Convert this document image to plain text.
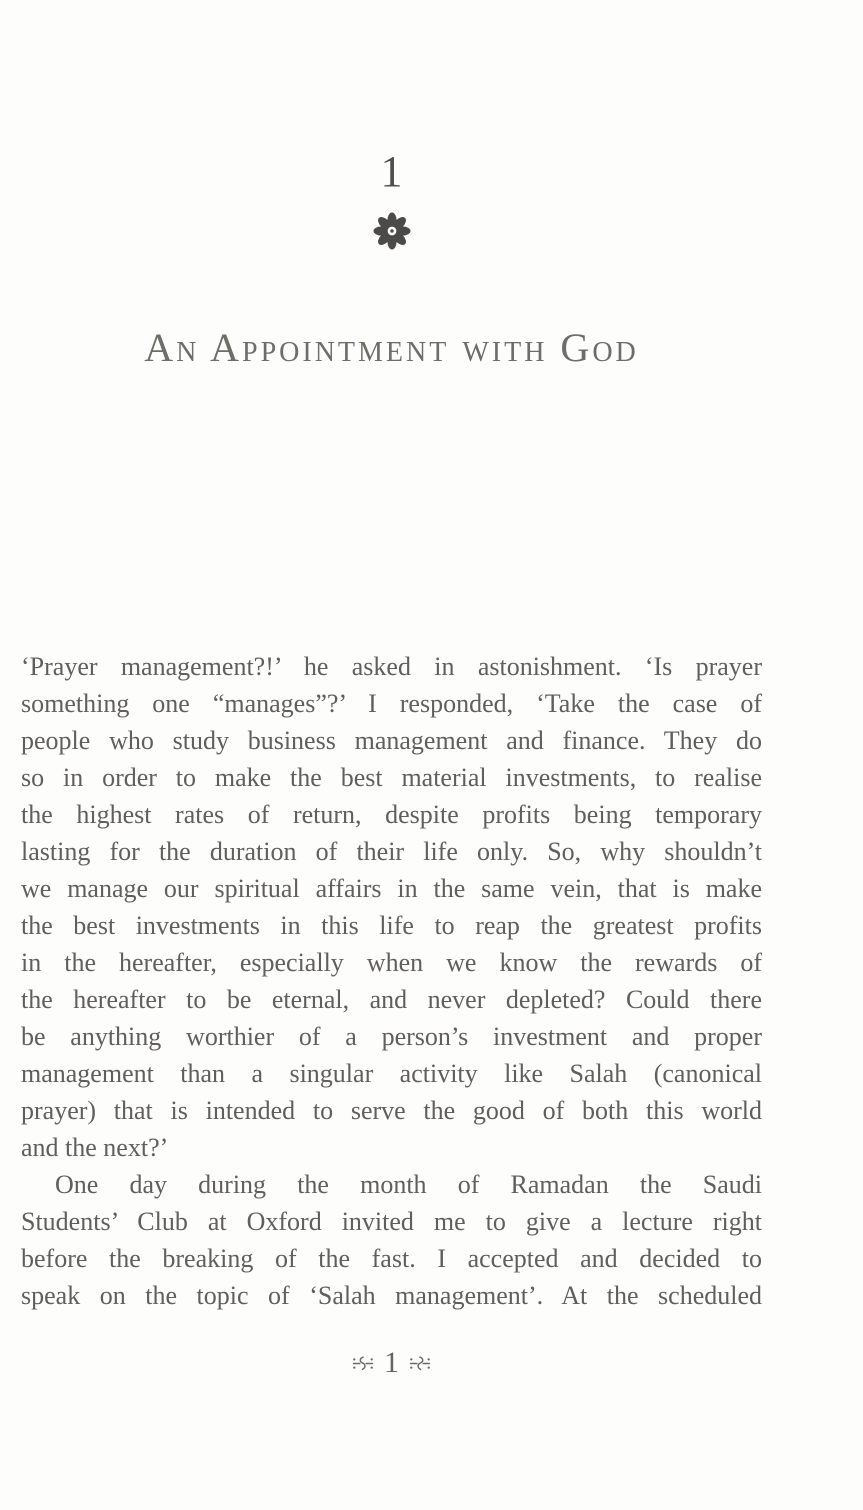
1
An Appointment with God
‘Prayer management?!’ he asked in astonishment. ‘Is prayer
something one “manages”?’ I responded, ‘Take the case of
people who study business management and finance. They do
so in order to make the best material investments, to realise
the highest rates of return, despite profits being temporary
lasting for the duration of their life only. So, why shouldn’t
we manage our spiritual affairs in the same vein, that is make
the best investments in this life to reap the greatest profits
in the hereafter, especially when we know the rewards of
the hereafter to be eternal, and never depleted? Could there
be anything worthier of a person’s investment and proper
management than a singular activity like Salah (canonical
prayer) that is intended to serve the good of both this world
and the next?’
One day during the month of Ramadan the Saudi
Students’ Club at Oxford invited me to give a lecture right
before the breaking of the fast. I accepted and decided to
speak on the topic of ‘Salah management’. At the scheduled
1
